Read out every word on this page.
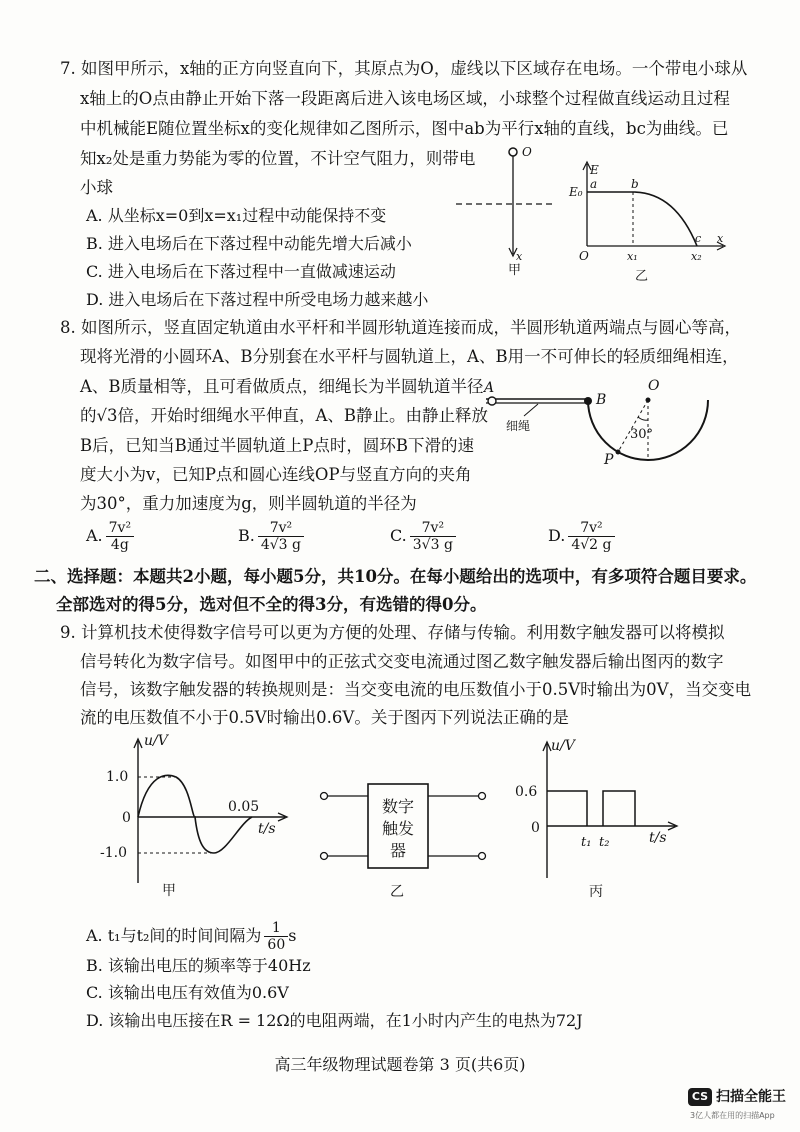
7. 如图甲所示，x轴的正方向竖直向下，其原点为O，虚线以下区域存在电场。一个带电小球从
x轴上的O点由静止开始下落一段距离后进入该电场区域，小球整个过程做直线运动且过程
中机械能E随位置坐标x的变化规律如乙图所示，图中ab为平行x轴的直线，bc为曲线。已
知x₂处是重力势能为零的位置，不计空气阻力，则带电
小球
A. 从坐标x=0到x=x₁过程中动能保持不变
B. 进入电场后在下落过程中动能先增大后减小
C. 进入电场后在下落过程中一直做减速运动
D. 进入电场后在下落过程中所受电场力越来越小
O
x
甲
E
E₀
a	b
c
O	x₁	x₂
x
乙
8. 如图所示，竖直固定轨道由水平杆和半圆形轨道连接而成，半圆形轨道两端点与圆心等高，
现将光滑的小圆环A、B分别套在水平杆与圆轨道上，A、B用一不可伸长的轻质细绳相连，
A、B质量相等，且可看做质点，细绳长为半圆轨道半径
的√3倍，开始时细绳水平伸直，A、B静止。由静止释放
B后，已知当B通过半圆轨道上P点时，圆环B下滑的速
度大小为v，已知P点和圆心连线OP与竖直方向的夹角
为30°，重力加速度为g，则半圆轨道的半径为
A
B
O
P
细绳
30°
A. $\frac{\text{7v²}}{4g}$	B. $\frac{\text{7v²}}{4√3 g}$	C. $\frac{\text{7v²}}{3√3 g}$	D. $\frac{\text{7v²}}{4√2 g}$
二、选择题：本题共2小题，每小题5分，共10分。在每小题给出的选项中，有多项符合题目要求。
全部选对的得5分，选对但不全的得3分，有选错的得0分。
9. 计算机技术使得数字信号可以更为方便的处理、存储与传输。利用数字触发器可以将模拟
信号转化为数字信号。如图甲中的正弦式交变电流通过图乙数字触发器后输出图丙的数字
信号，该数字触发器的转换规则是：当交变电流的电压数值小于0.5V时输出为0V，当交变电
流的电压数值不小于0.5V时输出0.6V。关于图丙下列说法正确的是
u/V
1.0
0
-1.0
0.05
t/s
甲
数字
触发
器
乙
u/V
0.6
0
t₁ t₂	t/s
丙
A. t₁与t₂间的时间间隔为 $\frac{1}{60}$ s
B. 该输出电压的频率等于40Hz
C. 该输出电压有效值为0.6V
D. 该输出电压接在R = 12Ω的电阻两端，在1小时内产生的电热为72J
高三年级物理试题卷第 3 页(共6页)
CS 扫描全能王
3亿人都在用的扫描App
